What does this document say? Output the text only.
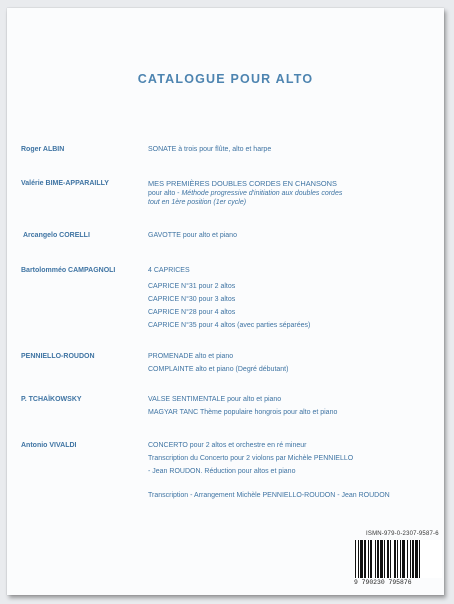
CATALOGUE POUR ALTO
Roger ALBIN	SONATE à trois pour flûte, alto et harpe
Valérie BIME-APPARAILLY	MES PREMIÈRES DOUBLES CORDES EN CHANSONS
pour alto - Méthode progressive d'initiation aux doubles cordes
tout en 1ère position (1er cycle)
Arcangelo CORELLI	GAVOTTE pour alto et piano
Bartolomméo CAMPAGNOLI	4 CAPRICES
CAPRICE N°31 pour 2 altos
CAPRICE N°30 pour 3 altos
CAPRICE N°28 pour 4 altos
CAPRICE N°35 pour 4 altos (avec parties séparées)
PENNIELLO-ROUDON	PROMENADE alto et piano
COMPLAINTE alto et piano (Degré débutant)
P. TCHAÏKOWSKY	VALSE SENTIMENTALE pour alto et piano
MAGYAR TANC Thème populaire hongrois pour alto et piano
Antonio VIVALDI	CONCERTO pour 2 altos et orchestre en ré mineur
Transcription du Concerto pour 2 violons par Michèle PENNIELLO
- Jean ROUDON. Réduction pour altos et piano
Transcription - Arrangement Michèle PENNIELLO-ROUDON - Jean ROUDON
ISMN-979-0-2307-9587-6
9 790230 795876
